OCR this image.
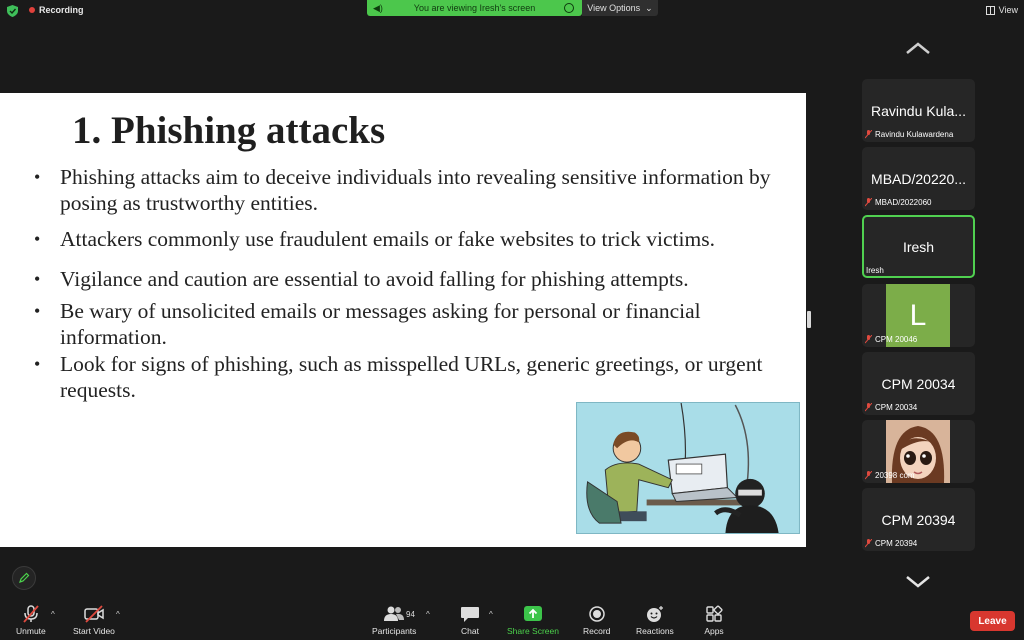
Recording	◀)	You are viewing Iresh's screen	View Options ⌄	View
1. Phishing attacks
• Phishing attacks aim to deceive individuals into revealing sensitive information by posing as trustworthy entities.
• Attackers commonly use fraudulent emails or fake websites to trick victims.
• Vigilance and caution are essential to avoid falling for phishing attempts.
• Be wary of unsolicited emails or messages asking for personal or financial information.
• Look for signs of phishing, such as misspelled URLs, generic greetings, or urgent requests.
Ravindu Kula...
Ravindu Kulawardena
MBAD/20220...
MBAD/2022060
Iresh
Iresh
L
CPM 20046
CPM 20034
CPM 20034
20398 com
CPM 20394
CPM 20394
Unmute
^
Start Video
^
Participants
94 ^
Chat
^
Share Screen	Record	Reactions	Apps
Leave
